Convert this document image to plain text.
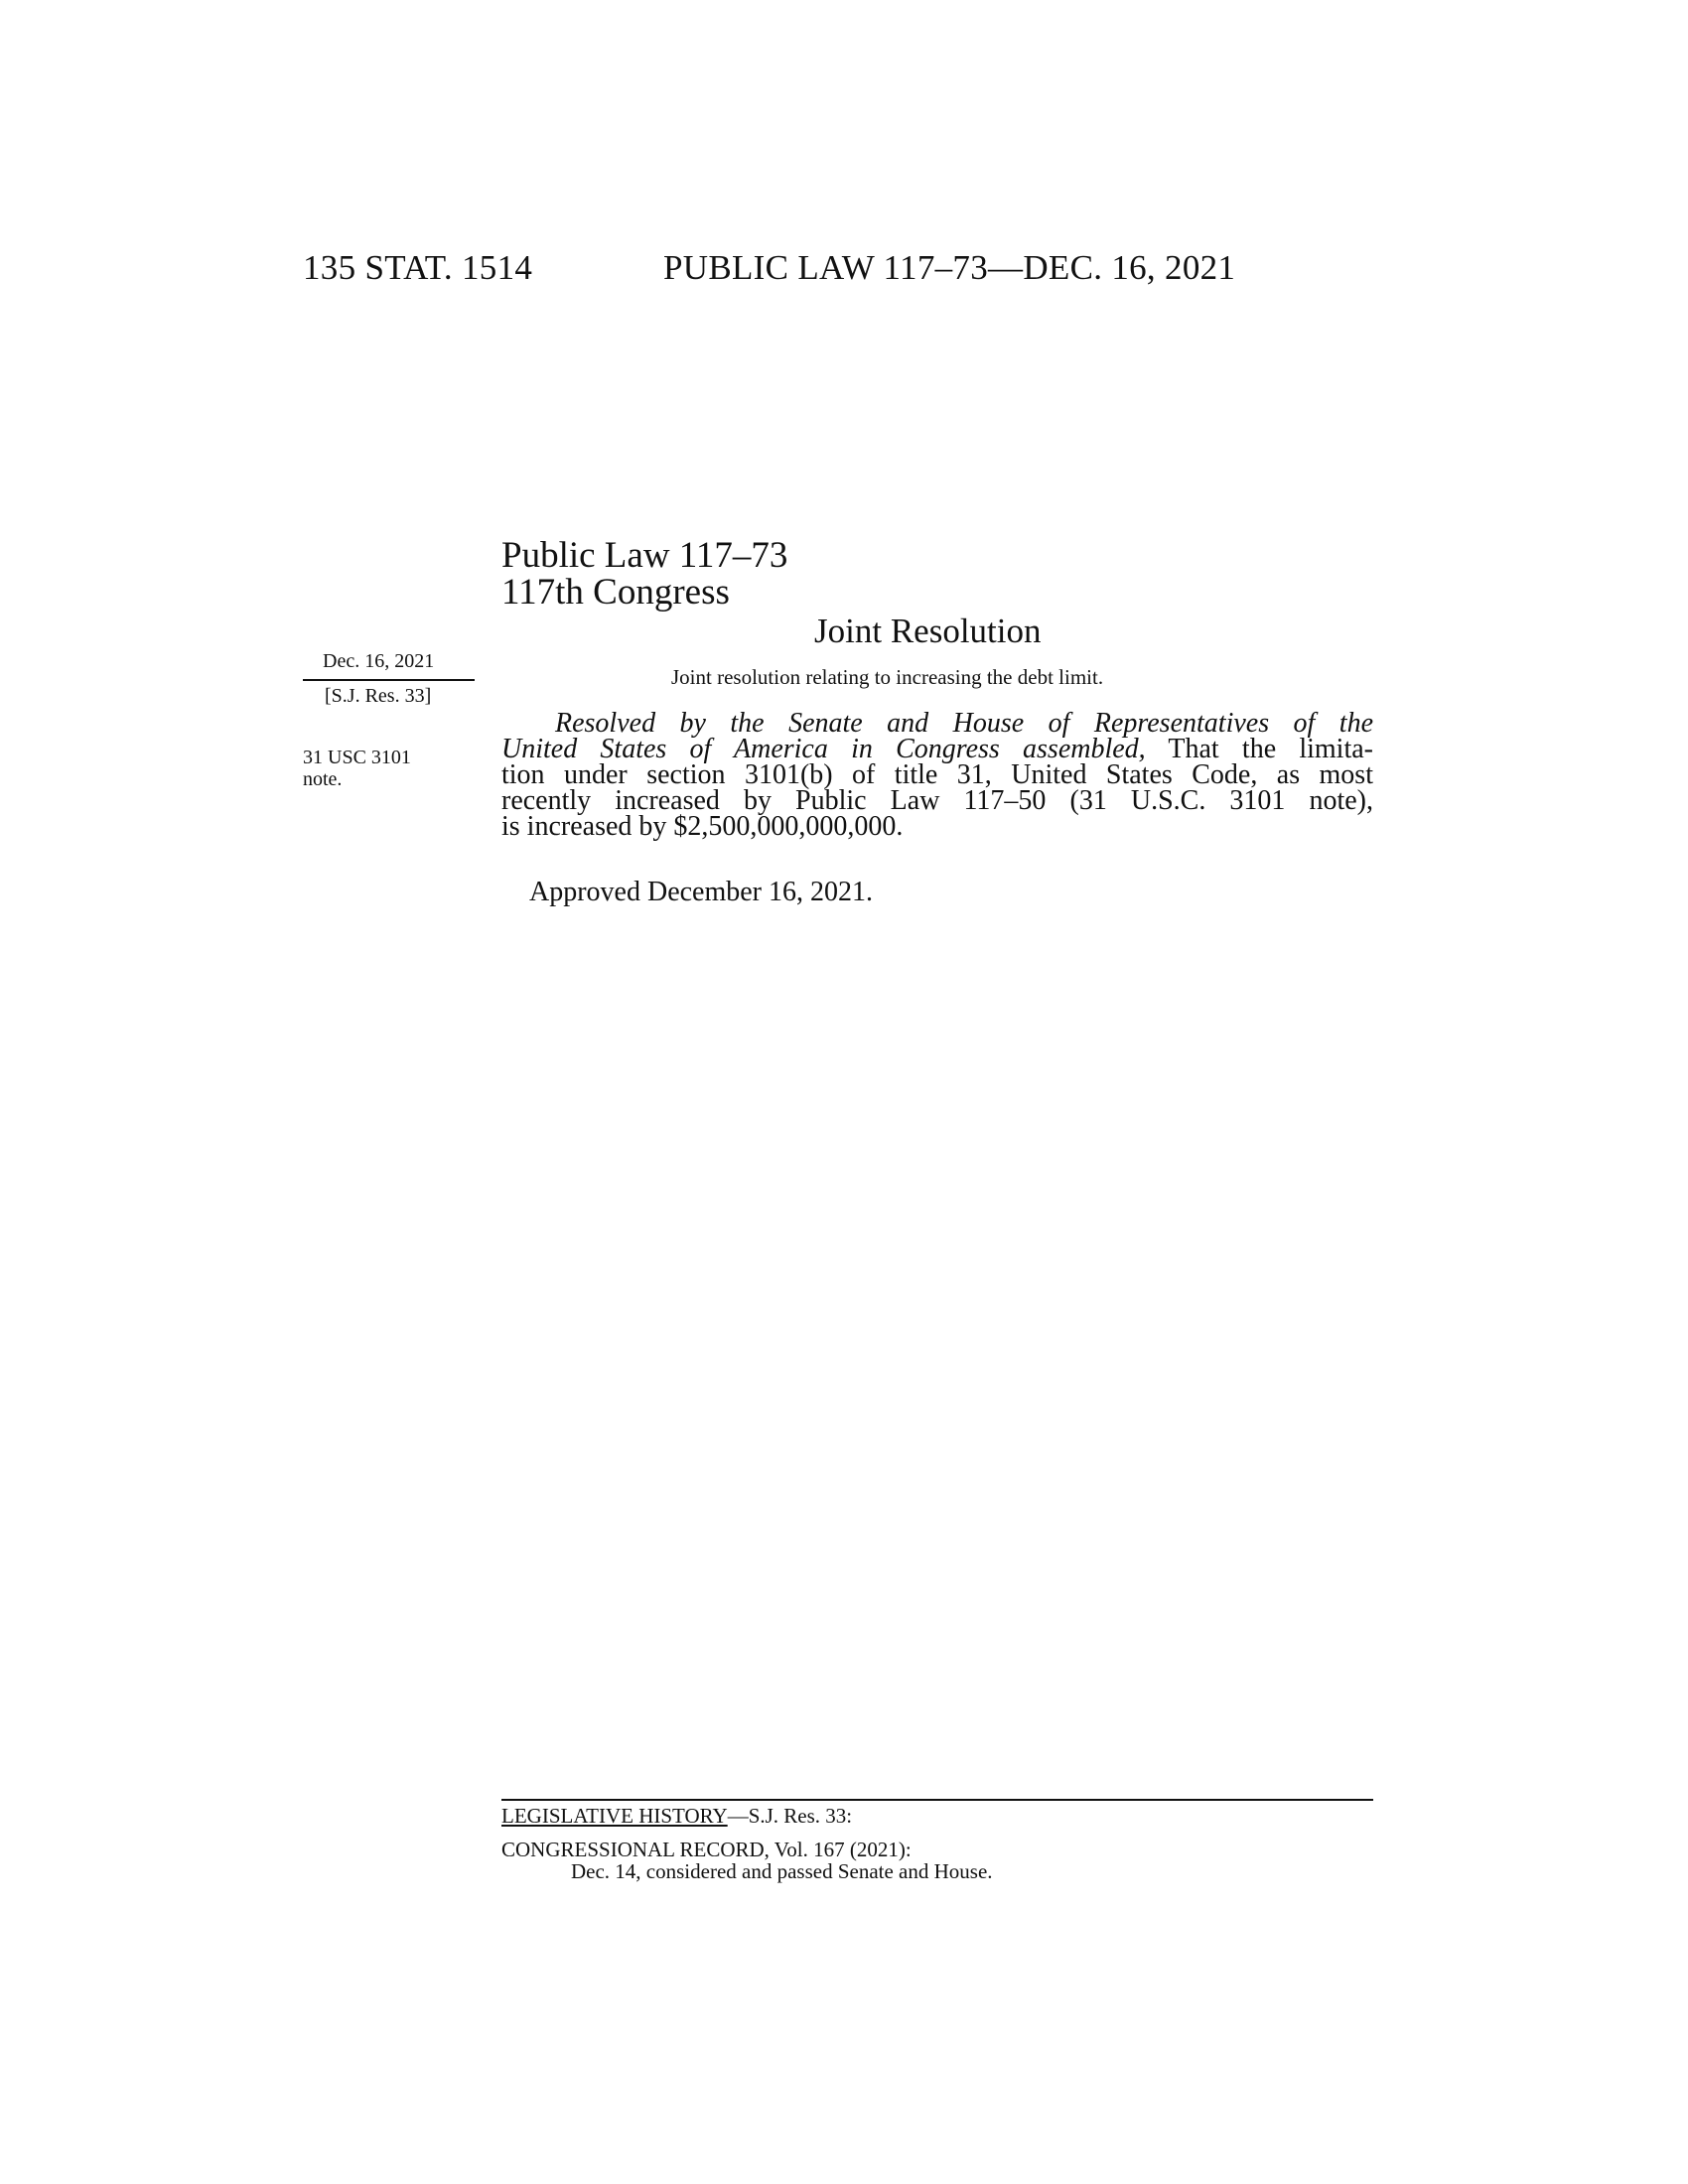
135 STAT. 1514	PUBLIC LAW 117–73—DEC. 16, 2021
Public Law 117–73
117th Congress
Joint Resolution
Joint resolution relating to increasing the debt limit.
Dec. 16, 2021
[S.J. Res. 33]
31 USC 3101
note.
Resolved by the Senate and House of Representatives of the
United States of America in Congress assembled, That the limita-
tion under section 3101(b) of title 31, United States Code, as most
recently increased by Public Law 117–50 (31 U.S.C. 3101 note),
is increased by $2,500,000,000,000.
Approved December 16, 2021.
LEGISLATIVE HISTORY—S.J. Res. 33:
CONGRESSIONAL RECORD, Vol. 167 (2021):
Dec. 14, considered and passed Senate and House.
